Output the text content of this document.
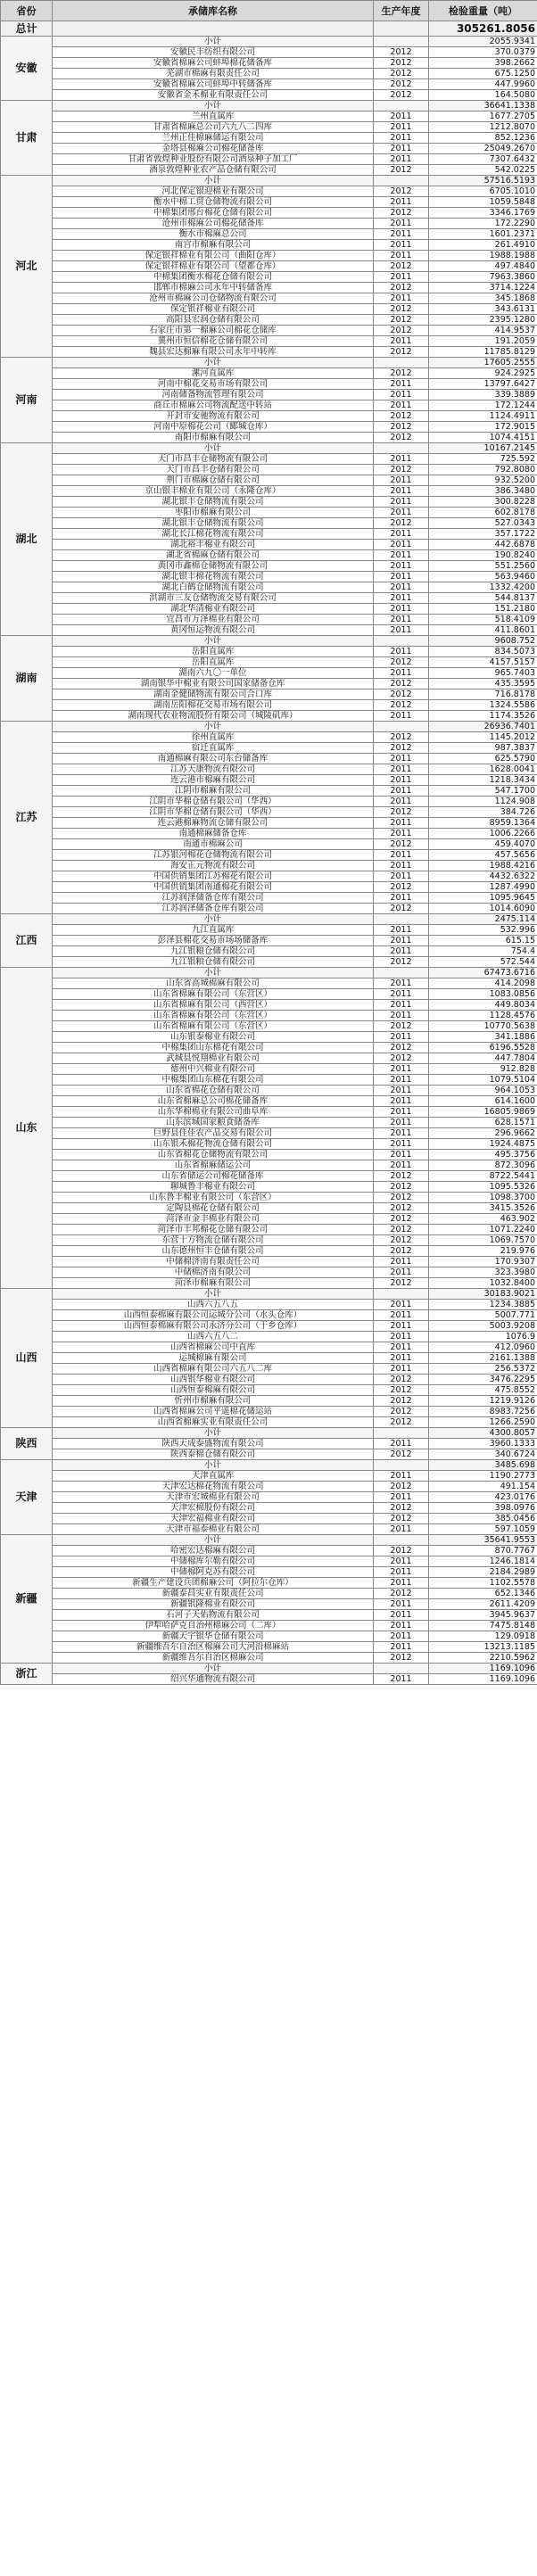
省份	承储库名称	生产年度	检验重量（吨）
总计			305261.8056
安徽	小计		2055.9341
	安徽民丰纺织有限公司	2012	370.0379
	安徽省棉麻公司蚌埠棉花储备库	2012	398.2662
	芜湖市棉麻有限责任公司	2012	675.1250
	安徽省棉麻公司蚌埠中转储备库	2012	447.9960
	安徽省金禾棉业有限责任公司	2012	164.5080
甘肃	小计		36641.1338
	兰州直属库	2011	1677.2705
	甘肃省棉麻总公司六九八二四库	2011	1212.8070
	兰州正佳棉麻储运有限公司	2011	852.1236
	金塔县棉麻公司棉花储备库	2011	25049.2670
	甘肃省敦煌种业股份有限公司酒泉种子加工厂	2011	7307.6432
	酒泉敦煌种业农产品仓储有限公司	2012	542.0225
河北	小计		57516.5193
	河北保定银迎棉业有限公司	2012	6705.1010
	衡水中棉工贸仓储物流有限公司	2011	1059.5848
	中棉集团邢台棉花仓储有限公司	2012	3346.1769
	沧州市棉麻公司棉花储备库	2011	172.2290
	衡水市棉麻总公司	2011	1601.2371
	南宫市棉麻有限公司	2011	261.4910
	保定银祥棉业有限公司（曲阳仓库）	2011	1988.1988
	保定银祥棉业有限公司（望都仓库）	2012	497.4840
	中棉集团衡水棉花仓储有限公司	2011	7963.3860
	邯郸市棉麻公司永年中转储备库	2012	3714.1224
	沧州市棉麻公司仓储物流有限公司	2011	345.1868
	保定银祥棉业有限公司	2012	343.6131
	高阳县宏润仓储有限公司	2012	2395.1280
	石家庄市第一棉麻公司棉花仓储库	2012	414.9537
	冀州市恒信棉花仓储有限公司	2011	191.2059
	魏县宏达棉麻有限公司永年中转库	2012	11785.8129
河南	小计		17605.2555
	漯河直属库	2012	924.2925
	河南中棉花交易市场有限公司	2011	13797.6427
	河南储备物流管理有限公司	2011	339.3889
	商丘市棉麻公司物流配送中转站	2011	172.1244
	开封市安驰物流有限公司	2012	1124.4911
	河南中原棉花公司（郾城仓库）	2012	172.9015
	南阳市棉麻有限公司	2012	1074.4151
湖北	小计		10167.2145
	天门市昌丰仓储物流有限公司	2011	725.592
	天门市昌丰仓储有限公司	2012	792.8080
	荆门市棉麻仓储有限公司	2011	932.5200
	京山银丰棉业有限公司（永隆仓库）	2011	386.3480
	湖北银丰仓储物流有限公司	2011	300.8228
	枣阳市棉麻有限公司	2011	602.8178
	湖北银丰仓储物流有限公司	2012	527.0343
	湖北长江棉花物流有限公司	2011	357.1722
	湖北裕丰棉业有限公司	2011	442.6878
	湖北省棉麻仓储有限公司	2011	190.8240
	黄冈市鑫棉仓储物流有限公司	2011	551.2560
	湖北银丰棉花物流有限公司	2011	563.9460
	湖北白鹤仓储物流有限公司	2011	1332.4200
	洪湖市三友仓储物流交易有限公司	2011	544.8137
	湖北华清棉业有限公司	2011	151.2180
	宜昌市万泽棉业有限公司	2011	518.4109
	黄冈恒运物流有限公司	2011	411.8601
湖南	小计		9608.752
	岳阳直属库	2011	834.5073
	岳阳直属库	2012	4157.5157
	湖南六九〇一单位	2011	965.7403
	湖南银华中棉业有限公司国家储备仓库	2012	435.3595
	湖南金健储物流有限公司合口库	2012	716.8178
	湖南岳阳棉花交易市场有限公司	2012	1324.5586
	湖南现代农业物流股份有限公司（城陵矶库）	2011	1174.3526
江苏	小计		26936.7401
	徐州直属库	2012	1145.2012
	宿迁直属库	2012	987.3837
	南通棉麻有限公司东台储备库	2011	625.5790
	江苏天康物流有限公司	2011	1628.0041
	连云港市棉麻有限公司	2011	1218.3434
	江阴市棉麻有限公司	2011	547.1700
	江阴市华棉仓储有限公司（华西）	2011	1124.908
	江阴市华棉仓储有限公司（华西）	2012	384.726
	连云港棉麻物流仓储有限公司	2011	8959.1364
	南通棉麻储备仓库	2011	1006.2266
	南通市棉麻公司	2012	459.4070
	江苏银河棉花仓储物流有限公司	2011	457.5656
	海安正元物流有限公司	2011	1988.4216
	中国供销集团江苏棉花有限公司	2011	4432.6322
	中国供销集团南通棉花有限公司	2012	1287.4990
	江苏润泽储备仓库有限公司	2011	1095.9645
	江苏润泽储备仓库有限公司	2012	1014.6090
江西	小计		2475.114
	九江直属库	2011	532.996
	彭泽县棉花交易市场场储备库	2011	615.15
	九江银粮仓储有限公司	2011	754.4
	九江银粮仓储有限公司	2012	572.544
山东	小计		67473.6716
	山东省高城棉麻有限公司	2011	414.2098
	山东省棉麻有限公司（东营区）	2011	1083.0856
	山东省棉麻有限公司（西营区）	2011	449.8034
	山东省棉麻有限公司（东营区）	2011	1128.4576
	山东省棉麻有限公司（东营区）	2012	10770.5638
	山东银泰棉业有限公司	2011	341.1886
	中棉集团山东棉花有限公司	2012	6196.5528
	武城县悦翔棉业有限公司	2012	447.7804
	德州中兴棉业有限公司	2011	912.828
	中棉集团山东棉花有限公司	2011	1079.5104
	山东省棉花仓储有限公司	2011	964.1053
	山东省棉麻总公司棉花储备库	2011	614.1600
	山东华棉棉业有限公司曲阜库	2011	16805.9869
	山东滨城国家粮食储备库	2011	628.1571
	巨野县佳佳农产品交易有限公司	2011	296.9662
	山东银禾棉花物流仓储有限公司	2011	1924.4875
	山东省棉花仓储物流有限公司	2011	495.3756
	山东省棉麻储运公司	2011	872.3096
	山东省储运公司棉花储备库	2012	8722.5441
	聊城鲁丰棉业有限公司	2012	1095.5326
	山东鲁丰棉业有限公司（东营区）	2012	1098.3700
	定陶县棉花仓储有限公司	2012	3415.3526
	菏泽市金丰棉业有限公司	2012	463.902
	菏泽市丰邦棉花仓储有限公司	2012	1071.2240
	东营十方物流仓储有限公司	2012	1069.7570
	山东德州恒丰仓储有限公司	2012	219.976
	中储棉济南有限责任公司	2011	170.9307
	中储棉济南有限公司	2011	323.3980
	菏泽市棉麻有限公司	2012	1032.8400
山西	小计		30183.9021
	山西六五八五	2011	1234.3885
	山西恒泰棉麻有限公司运城分公司（水头仓库）	2011	5007.771
	山西恒泰棉麻有限公司永济分公司（于乡仓库）	2011	5003.9208
	山西六五八二	2011	1076.9
	山西省棉麻公司中直库	2011	412.0960
	运城棉麻有限公司	2011	2161.1388
	山西省棉麻有限公司六五八二库	2011	256.5372
	山西银华棉业有限公司	2012	3476.2295
	山西恒泰棉麻有限公司	2012	475.8552
	忻州市棉麻有限公司	2012	1219.9126
	山西省棉麻公司平遥棉花储运站	2012	8983.7256
	山西省棉麻实业有限责任公司	2012	1266.2590
陕西	小计		4300.8057
	陕西天成泰盛物流有限公司	2011	3960.1333
	陕西泰棉仓储有限公司	2012	340.6724
天津	小计		3485.698
	天津直属库	2011	1190.2773
	天津宏达棉花物流有限公司	2012	491.154
	天津市宏城棉业有限公司	2011	423.0176
	天津宏棉股份有限公司	2012	398.0976
	天津宏福棉业有限公司	2012	385.0456
	天津市福泰棉业有限公司	2011	597.1059
新疆	小计		35641.9553
	哈密宏达棉麻有限公司	2012	870.7767
	中储棉库尔勒有限公司	2011	1246.1814
	中储棉阿克苏有限公司	2011	2184.2989
	新疆生产建设兵团棉麻公司（阿拉尔仓库）	2011	1102.5578
	新疆泰昌实业有限责任公司	2012	652.1346
	新疆银隆棉业有限公司	2011	2611.4209
	石河子天佑物流有限公司	2011	3945.9637
	伊犁哈萨克自治州棉麻公司（二库）	2011	7475.8148
	新疆天宇银华仓储有限公司	2011	129.0918
	新疆维吾尔自治区棉麻公司大河沿棉麻站	2011	13213.1185
	新疆维吾尔自治区棉麻公司	2012	2210.5962
浙江	小计		1169.1096
	绍兴华通物流有限公司	2011	1169.1096
